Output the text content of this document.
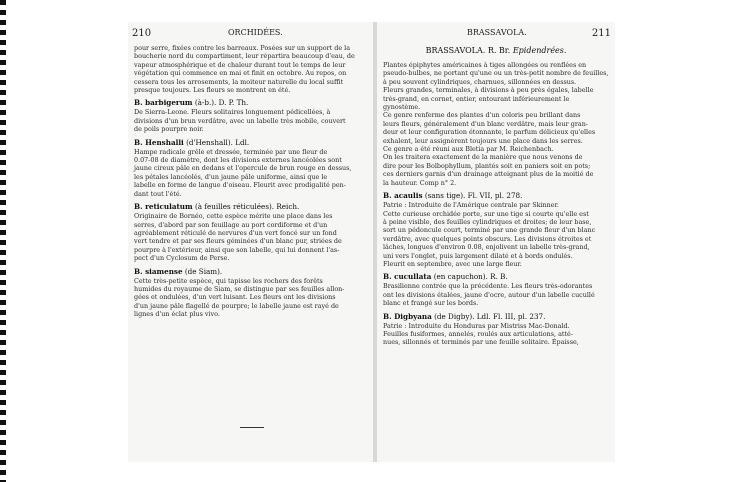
210	ORCHIDÉES.
pour serre, fixées contre les barreaux. Posées sur un support de la
boucherie nord du compartiment, leur répartira beaucoup d'eau, de
vapeur atmosphérique et de chaleur durant tout le temps de leur
végétation qui commence en mai et finit en octobre. Au repos, on
cessera tous les arrosements, la moiteur naturelle du local suffit
presque toujours. Les fleurs se montrent en été.
B. barbigerum (à-b.). D. P. Th.
De Sierra-Leone. Fleurs solitaires longuement pédicellées, à
divisions d'un brun verdâtre, avec un labelle très mobile, couvert
de poils pourpre noir.
B. Henshalli (d'Henshall). Ldl.
Hampe radicale grêle et dressée, terminée par une fleur de
0.07-08 de diamètre, dont les divisions externes lancéolées sont
jaune cireux pâle en dedans et l'opercule de brun rouge en dessus,
les pétales lancéolés, d'un jaune pâle uniforme, ainsi que le
labelle en forme de langue d'oiseau. Fleurit avec prodigalité pen-
dant tout l'été.
B. reticulatum (à feuilles réticulées). Reich.
Originaire de Bornéo, cette espèce mérite une place dans les
serres, d'abord par son feuillage au port cordiforme et d'un
agréablement réticulé de nervures d'un vert foncé sur un fond
vert tendre et par ses fleurs géminées d'un blanc pur, striées de
pourpre à l'extérieur, ainsi que son labelle, qui lui donnent l'as-
pect d'un Cyclosum de Perse.
B. siamense (de Siam).
Cette très-petite espèce, qui tapisse les rochers des forêts
humides du royaume de Siam, se distingue par ses feuilles allon-
gées et ondulées, d'un vert luisant. Les fleurs ont les divisions
d'un jaune pâle flagellé de pourpre; le labelle jaune est rayé de
lignes d'un éclat plus vivo.
BRASSAVOLA.	211
BRASSAVOLA. R. Br. Epidendrées.
Plantes épiphytes américaines à tiges allongées ou renflées en
pseudo-bulbes, ne portant qu'une ou un très-petit nombre de feuilles,
à peu souvent cylindriques, charnues, sillonnées en dessus.
Fleurs grandes, terminales, à divisions à peu près égales, labelle
très-grand, en cornet, entier, entourant inférieurement le
gynostème.
Ce genre renferme des plantes d'un coloris peu brillant dans
leurs fleurs, généralement d'un blanc verdâtre, mais leur gran-
deur et leur configuration étonnante, le parfum délicieux qu'elles
exhalent, leur assignèrent toujours une place dans les serres.
Ce genre a été réuni aux Bletia par M. Reichenbach.
On les traitera exactement de la manière que nous venons de
dire pour les Bolbophyllum, plantés soit en paniers soit en pots;
ces derniers garnis d'un drainage atteignant plus de la moitié de
la hauteur. Comp n° 2.
B. acaulis (sans tige). Fl. VII, pl. 278.
Patrie : Introduite de l'Amérique centrale par Skinner.
Cette curieuse orchidée porte, sur une tige si courte qu'elle est
à peine visible, des feuilles cylindriques et droites; de leur base,
sort un pédoncule court, terminé par une grande fleur d'un blanc
verdâtre, avec quelques points obscurs. Les divisions étroites et
lâches, longues d'environ 0.08, enjolivent un labelle très-grand,
uni vers l'onglet, puis largement dilaté et à bords ondulés.
Fleurit en septembre, avec une large fleur.
B. cucullata (en capuchon). R. B.
Brasilienne contrée que la précédente. Les fleurs très-odorantes
ont les divisions étalées, jaune d'ocre, autour d'un labelle cucullé
blanc et frangé sur les bords.
B. Digbyana (de Digby). Ldl. Fl. III, pl. 237.
Patrie : Introduite du Honduras par Mistriss Mac-Donald.
Feuilles fusiformes, annelés, roulés aux articulations, atté-
nues, sillonnés et terminés par une feuille solitaire. Épaisse,
